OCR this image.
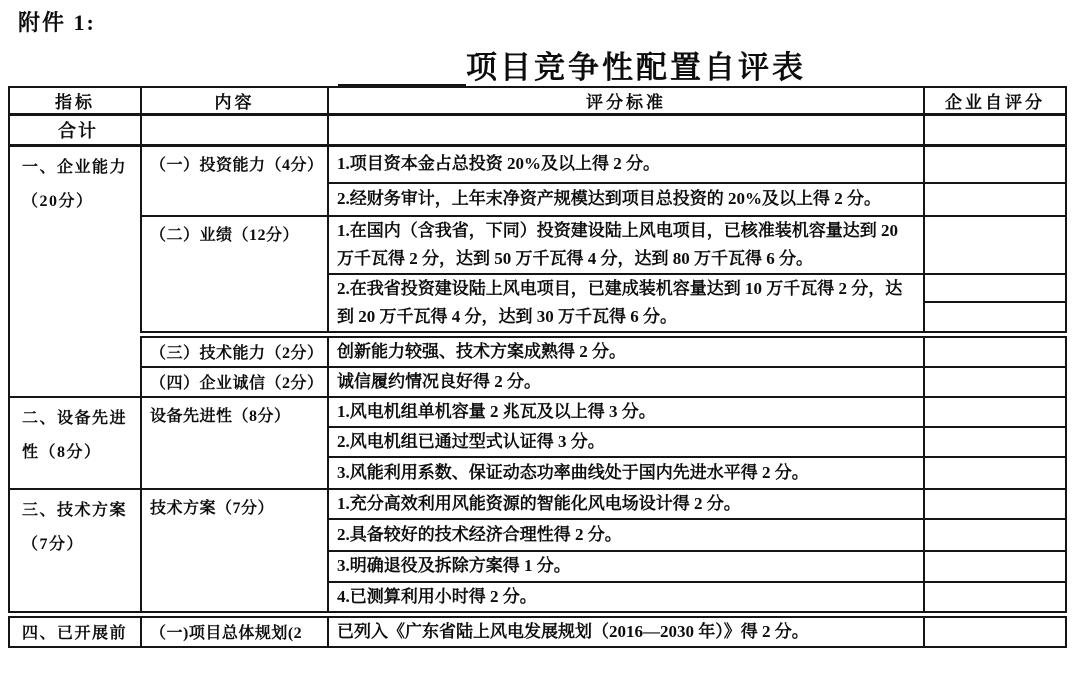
附件 1:
项目竞争性配置自评表
指标	内容	评分标准	企业自评分
合计			
一、企业能力（20分）	（一）投资能力（4分）	1.项目资本金占总投资 20%及以上得 2 分。	
		2.经财务审计，上年末净资产规模达到项目总投资的 20%及以上得 2 分。	
	（二）业绩（12分）	1.在国内（含我省，下同）投资建设陆上风电项目，已核准装机容量达到 20 万千瓦得 2 分，达到 50 万千瓦得 4 分，达到 80 万千瓦得 6 分。	
		2.在我省投资建设陆上风电项目，已建成装机容量达到 10 万千瓦得 2 分，达到 20 万千瓦得 4 分，达到 30 万千瓦得 6 分。	

	（三）技术能力（2分）	创新能力较强、技术方案成熟得 2 分。	
	（四）企业诚信（2分）	诚信履约情况良好得 2 分。	
二、设备先进性（8分）	设备先进性（8分）	1.风电机组单机容量 2 兆瓦及以上得 3 分。	
		2.风电机组已通过型式认证得 3 分。	
		3.风能利用系数、保证动态功率曲线处于国内先进水平得 2 分。	
三、技术方案（7分）	技术方案（7分）	1.充分高效利用风能资源的智能化风电场设计得 2 分。	
		2.具备较好的技术经济合理性得 2 分。	
		3.明确退役及拆除方案得 1 分。	
		4.已测算利用小时得 2 分。	
四、已开展前	（一)项目总体规划(2	已列入《广东省陆上风电发展规划（2016—2030 年）》得 2 分。	
